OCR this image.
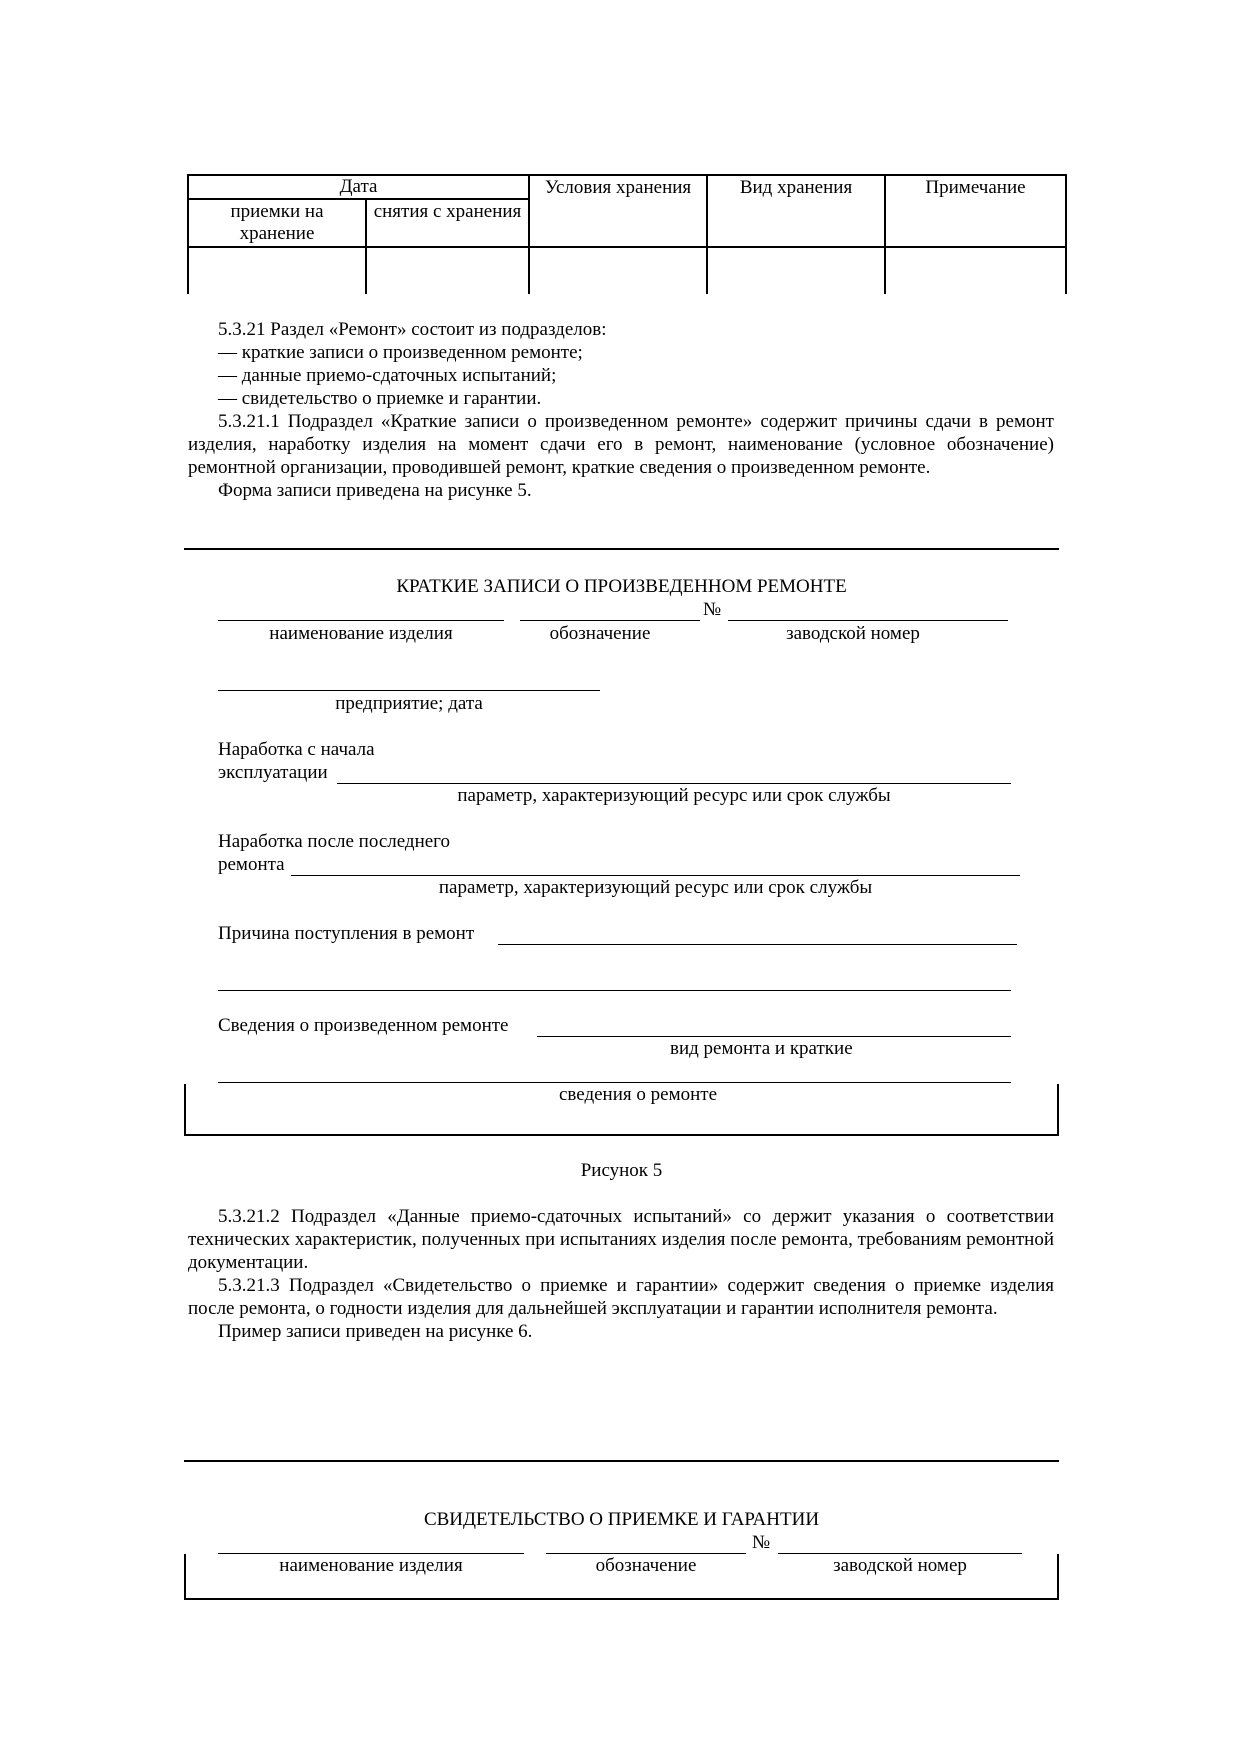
Дата		Условия хранения	Вид хранения	Примечание
приемки на хранение	снятия с хранения			

5.3.21 Раздел «Ремонт» состоит из подразделов:

— краткие записи о произведенном ремонте;

— данные приемо-сдаточных испытаний;

— свидетельство о приемке и гарантии.

5.3.21.1 Подраздел «Краткие записи о произведенном ремонте» содержит причины сдачи в ремонт изделия, наработку изделия на момент сдачи его в ремонт, наименование (условное обозначение) ремонтной организации, проводившей ремонт, краткие сведения о произведенном ремонте.

Форма записи приведена на рисунке 5.

КРАТКИЕ ЗАПИСИ О ПРОИЗВЕДЕННОМ РЕМОНТЕ
№
наименование изделия	обозначение	заводской номер
предприятие; дата
Наработка с начала
эксплуатации
параметр, характеризующий ресурс или срок службы
Наработка после последнего
ремонта
параметр, характеризующий ресурс или срок службы
Причина поступления в ремонт
Сведения о произведенном ремонте
вид ремонта и краткие
сведения о ремонте
Рисунок 5

5.3.21.2 Подраздел «Данные приемо-сдаточных испытаний» со держит указания о соответствии технических характеристик, полученных при испытаниях изделия после ремонта, требованиям ремонтной документации.

5.3.21.3 Подраздел «Свидетельство о приемке и гарантии» содержит сведения о приемке изделия после ремонта, о годности изделия для дальнейшей эксплуатации и гарантии исполнителя ремонта.

Пример записи приведен на рисунке 6.

СВИДЕТЕЛЬСТВО О ПРИЕМКЕ И ГАРАНТИИ
№
наименование изделия	обозначение	заводской номер
